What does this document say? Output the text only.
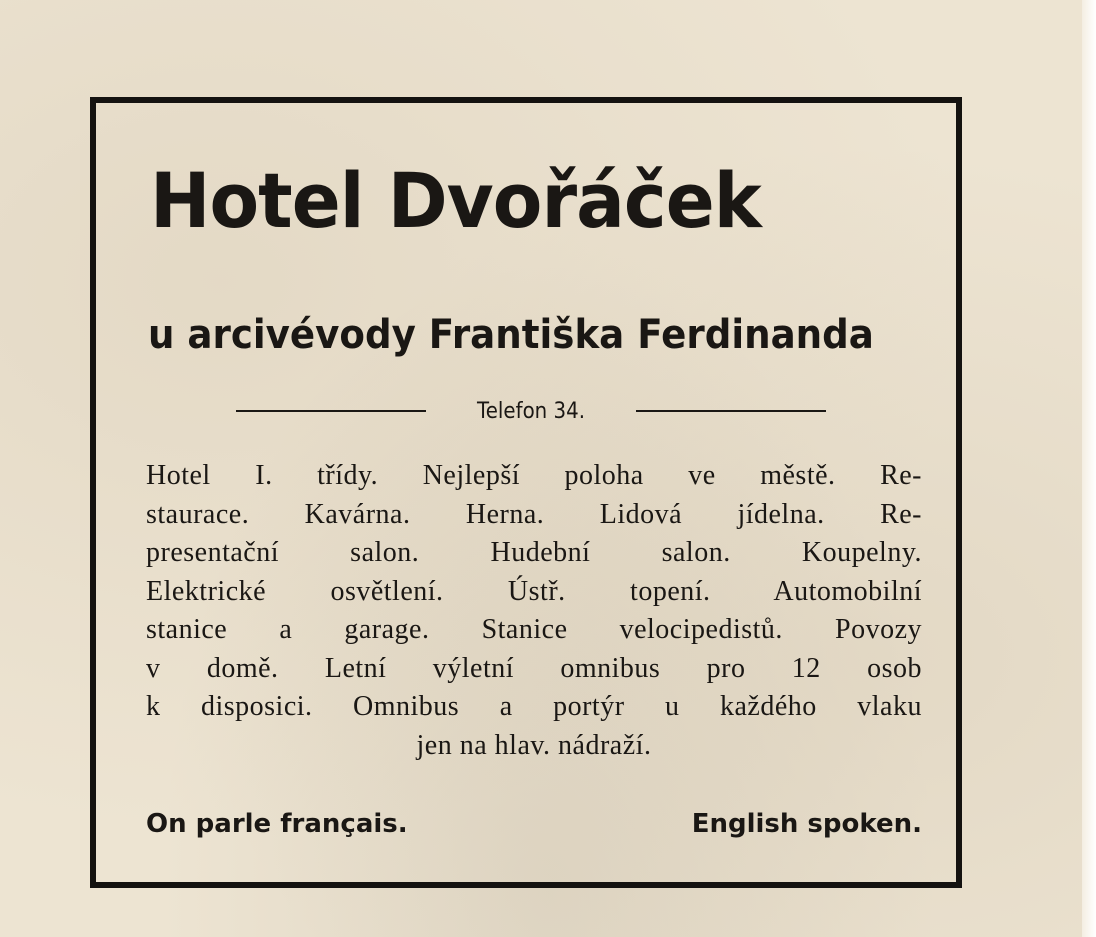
Hotel Dvořáček
u arcivévody Františka Ferdinanda
Telefon 34.

Hotel I. třídy. Nejlepší poloha ve městě. Re-
staurace. Kavárna. Herna. Lidová jídelna. Re-
presentační salon. Hudební salon. Koupelny.
Elektrické osvětlení. Ústř. topení. Automobilní
stanice a garage. Stanice velocipedistů. Povozy
v domě. Letní výletní omnibus pro 12 osob
k disposici. Omnibus a portýr u každého vlaku
jen na hlav. nádraží.

On parle français.	English spoken.
